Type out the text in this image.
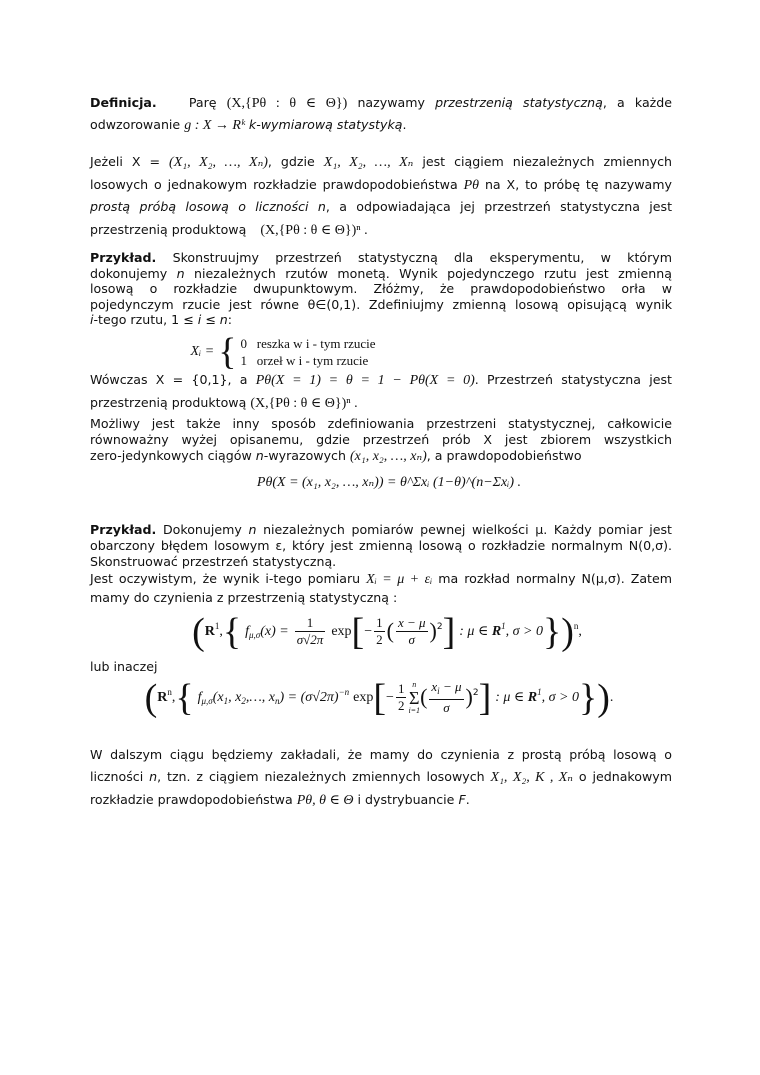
Definicja.	Parę (X,{Pθ : θ ∈ Θ}) nazywamy przestrzenią statystyczną, a każde
odwzorowanie g : X → Rᵏ k-wymiarową statystyką.
Jeżeli X = (X₁, X₂, …, Xₙ), gdzie X₁, X₂, …, Xₙ jest ciągiem niezależnych zmiennych
losowych o jednakowym rozkładzie prawdopodobieństwa Pθ na X, to próbę tę nazywamy
prostą próbą losową o liczności n, a odpowiadająca jej przestrzeń statystyczna jest
przestrzenią produktową (X,{Pθ : θ ∈ Θ})ⁿ .
Przykład. Skonstruujmy przestrzeń statystyczną dla eksperymentu, w którym
dokonujemy n niezależnych rzutów monetą. Wynik pojedynczego rzutu jest zmienną
losową o rozkładzie dwupunktowym. Złóżmy, że prawdopodobieństwo orła w
pojedynczym rzucie jest równe θ∈(0,1). Zdefiniujmy zmienną losową opisującą wynik
i-tego rzutu, 1 ≤ i ≤ n:
Xᵢ = { 0 reszka w i - tym rzucie
1 orzeł w i - tym rzucie
Wówczas X = {0,1}, a Pθ(X = 1) = θ = 1 − Pθ(X = 0). Przestrzeń statystyczna jest
przestrzenią produktową (X,{Pθ : θ ∈ Θ})ⁿ .
Możliwy jest także inny sposób zdefiniowania przestrzeni statystycznej, całkowicie
równoważny wyżej opisanemu, gdzie przestrzeń prób X jest zbiorem wszystkich
zero-jedynkowych ciągów n-wyrazowych (x₁, x₂, …, xₙ), a prawdopodobieństwo
Pθ(X = (x₁, x₂, …, xₙ)) = θ^Σxᵢ (1−θ)^(n−Σxᵢ) .
Przykład. Dokonujemy n niezależnych pomiarów pewnej wielkości μ. Każdy pomiar jest
obarczony błędem losowym ε, który jest zmienną losową o rozkładzie normalnym N(0,σ).
Skonstruować przestrzeń statystyczną.
Jest oczywistym, że wynik i-tego pomiaru Xᵢ = μ + εᵢ ma rozkład normalny N(μ,σ). Zatem
mamy do czynienia z przestrzenią statystyczną :
($R^1$,{ $f_{\mu,\sigma}(x) = \frac{1}{\sigma√2\pi} \exp[- \frac{1}{2}$ ( $\frac{x - \mu}{\sigma} )^2$] : μ ∈ $R^1$, σ > 0})$^n$,
lub inaczej
($R^n$,{ $f_{\mu,\sigma}(x_1$, $x_2,\dots$, $x_n) = (\sigma√2\pi)^{-n}$ $\exp[- \frac{1}{2}$ n
Σ
i=1
( $\frac{x_i - \mu}{\sigma} )^2$] : μ ∈ $R^1$, σ > 0}).
W dalszym ciągu będziemy zakładali, że mamy do czynienia z prostą próbą losową o
liczności n, tzn. z ciągiem niezależnych zmiennych losowych X₁, X₂, K , Xₙ o jednakowym
rozkładzie prawdopodobieństwa Pθ, θ ∈ Θ i dystrybuancie F.
